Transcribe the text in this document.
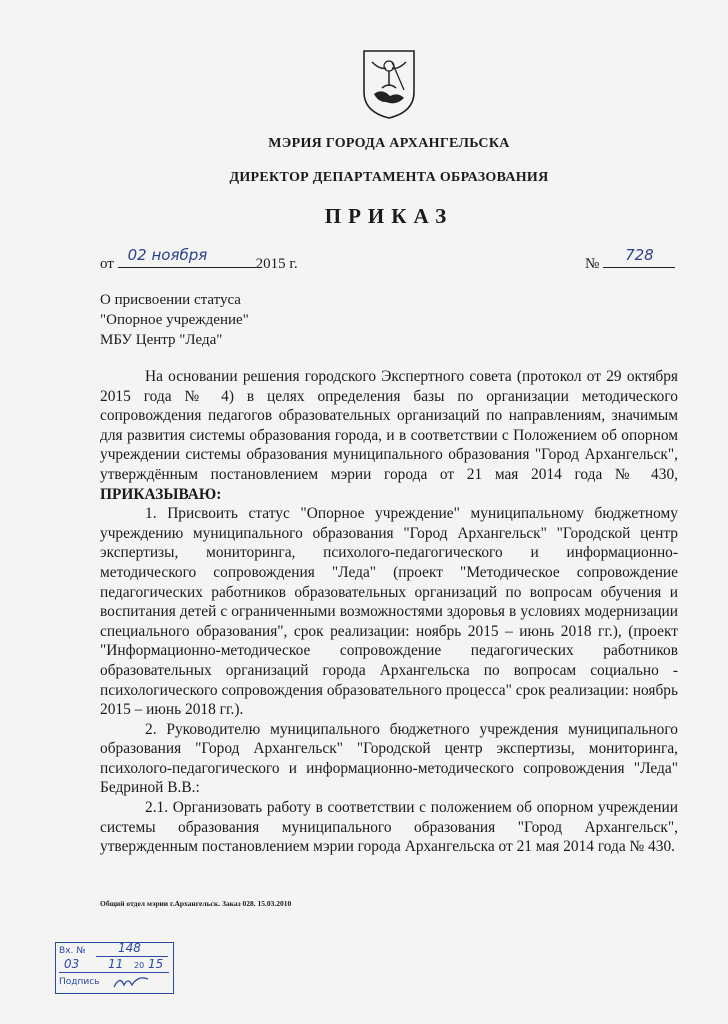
МЭРИЯ ГОРОДА АРХАНГЕЛЬСКА
ДИРЕКТОР ДЕПАРТАМЕНТА ОБРАЗОВАНИЯ
ПРИКАЗ
от 02 ноября	2015 г.	№ 728
О присвоении статуса
"Опорное учреждение"
МБУ Центр "Леда"

На основании решения городского Экспертного совета (протокол от 29 октября 2015 года № 4) в целях определения базы по организации методического сопровождения педагогов образовательных организаций по направлениям, значимым для развития системы образования города, и в соответствии с Положением об опорном учреждении системы образования муниципального образования "Город Архангельск", утверждённым постановлением мэрии города от 21 мая 2014 года № 430, ПРИКАЗЫВАЮ:

1. Присвоить статус "Опорное учреждение" муниципальному бюджетному учреждению муниципального образования "Город Архангельск" "Городской центр экспертизы, мониторинга, психолого-педагогического и информационно-методического сопровождения "Леда" (проект "Методическое сопровождение педагогических работников образовательных организаций по вопросам обучения и воспитания детей с ограниченными возможностями здоровья в условиях модернизации специального образования", срок реализации: ноябрь 2015 – июнь 2018 гг.), (проект "Информационно-методическое сопровождение педагогических работников образовательных организаций города Архангельска по вопросам социально - психологического сопровождения образовательного процесса" срок реализации: ноябрь 2015 – июнь 2018 гг.).

2. Руководителю муниципального бюджетного учреждения муниципального образования "Город Архангельск" "Городской центр экспертизы, мониторинга, психолого-педагогического и информационно-методического сопровождения "Леда" Бедриной В.В.:

2.1. Организовать работу в соответствии с положением об опорном учреждении системы образования муниципального образования "Город Архангельск", утвержденным постановлением мэрии города Архангельска от 21 мая 2014 года № 430.

Общий отдел мэрии г.Архангельск. Заказ 028. 15.03.2010
Вх. №	148
03 11 20 15
Подпись
